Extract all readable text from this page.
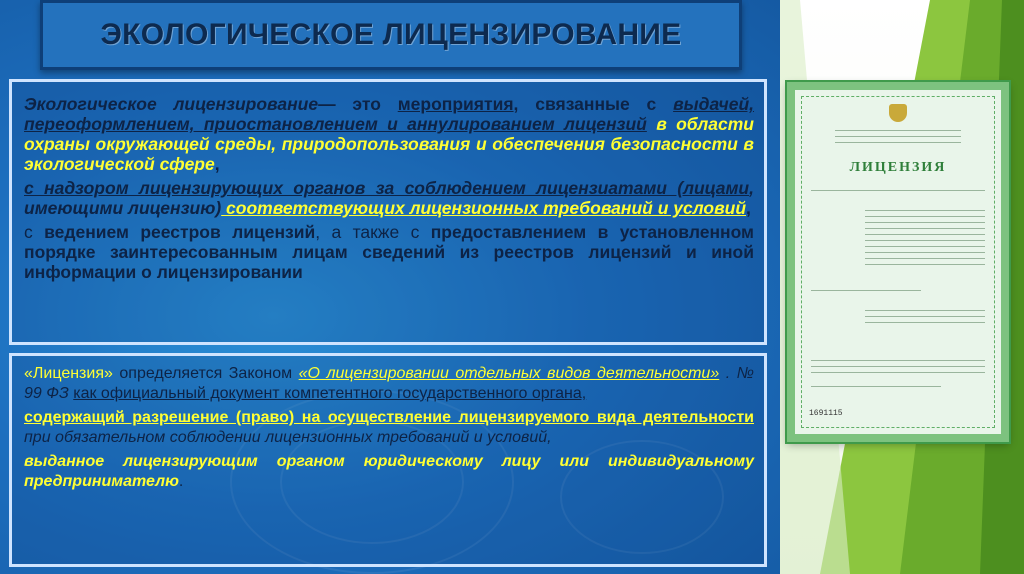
ЭКОЛОГИЧЕСКОЕ ЛИЦЕНЗИРОВАНИЕ

Экологическое лицензирование— это мероприятия, связанные с выдачей, переоформлением, приостановлением и аннулированием лицензий в области охраны окружающей среды, природопользования и обеспечения безопасности в экологической сфере,

с надзором лицензирующих органов за соблюдением лицензиатами (лицами, имеющими лицензию) соответствующих лицензионных требований и условий,

с ведением реестров лицензий, а также с предоставлением в установленном порядке заинтересованным лицам сведений из реестров лицензий и иной информации о лицензировании

«Лицензия» определяется Законом «О лицензировании отдельных видов деятельности» . № 99 ФЗ как официальный документ компетентного государственного органа,

содержащий разрешение (право) на осуществление лицензируемого вида деятельности при обязательном соблюдении лицензионных требований и условий,

выданное лицензирующим органом юридическому лицу или индивидуальному предпринимателю.

ЛИЦЕНЗИЯ
1691115
